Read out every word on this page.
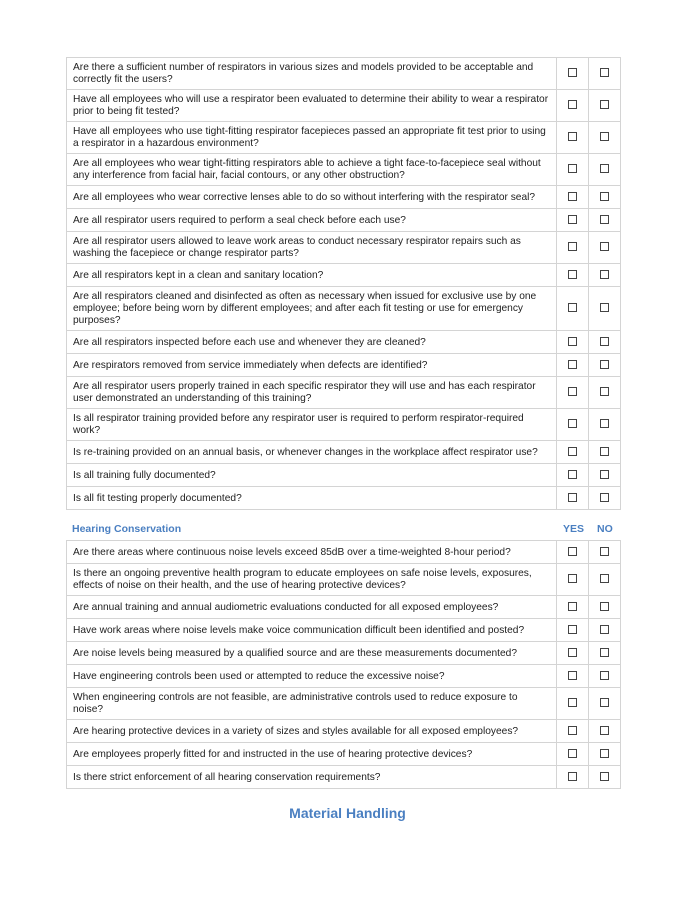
Are there a sufficient number of respirators in various sizes and models provided to be acceptable and correctly fit the users?		
Have all employees who will use a respirator been evaluated to determine their ability to wear a respirator prior to being fit tested?		
Have all employees who use tight-fitting respirator facepieces passed an appropriate fit test prior to using a respirator in a hazardous environment?		
Are all employees who wear tight-fitting respirators able to achieve a tight face-to-facepiece seal without any interference from facial hair, facial contours, or any other obstruction?		
Are all employees who wear corrective lenses able to do so without interfering with the respirator seal?		
Are all respirator users required to perform a seal check before each use?		
Are all respirator users allowed to leave work areas to conduct necessary respirator repairs such as washing the facepiece or change respirator parts?		
Are all respirators kept in a clean and sanitary location?		
Are all respirators cleaned and disinfected as often as necessary when issued for exclusive use by one employee; before being worn by different employees; and after each fit testing or use for emergency purposes?		
Are all respirators inspected before each use and whenever they are cleaned?		
Are respirators removed from service immediately when defects are identified?		
Are all respirator users properly trained in each specific respirator they will use and has each respirator user demonstrated an understanding of this training?		
Is all respirator training provided before any respirator user is required to perform respirator-required work?		
Is re-training provided on an annual basis, or whenever changes in the workplace affect respirator use?		
Is all training fully documented?		
Is all fit testing properly documented?		
Hearing Conservation	YES NO
Are there areas where continuous noise levels exceed 85dB over a time-weighted 8-hour period?		
Is there an ongoing preventive health program to educate employees on safe noise levels, exposures, effects of noise on their health, and the use of hearing protective devices?		
Are annual training and annual audiometric evaluations conducted for all exposed employees?		
Have work areas where noise levels make voice communication difficult been identified and posted?		
Are noise levels being measured by a qualified source and are these measurements documented?		
Have engineering controls been used or attempted to reduce the excessive noise?		
When engineering controls are not feasible, are administrative controls used to reduce exposure to noise?		
Are hearing protective devices in a variety of sizes and styles available for all exposed employees?		
Are employees properly fitted for and instructed in the use of hearing protective devices?		
Is there strict enforcement of all hearing conservation requirements?		
Material Handling
